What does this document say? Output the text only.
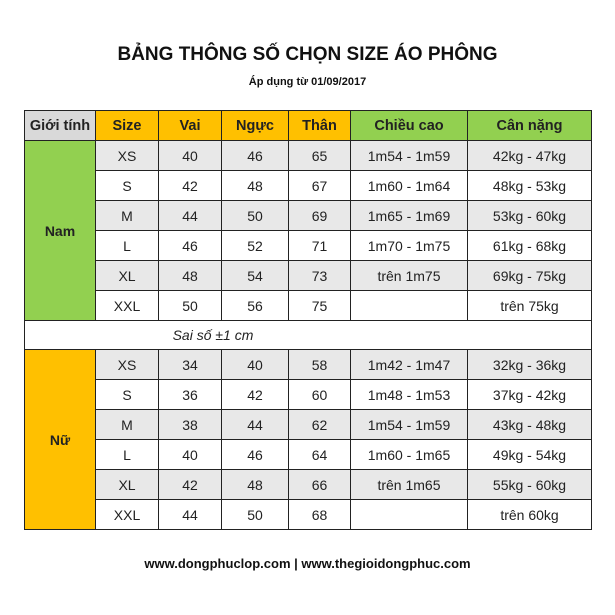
BẢNG THÔNG SỐ CHỌN SIZE ÁO PHÔNG
Áp dụng từ 01/09/2017
Giới tính	Size	Vai	Ngực	Thân	Chiều cao	Cân nặng
Nam	XS	40	46	65	1m54 - 1m59	42kg - 47kg
	S	42	48	67	1m60 - 1m64	48kg - 53kg
	M	44	50	69	1m65 - 1m69	53kg - 60kg
	L	46	52	71	1m70 - 1m75	61kg - 68kg
	XL	48	54	73	trên 1m75	69kg - 75kg
	XXL	50	56	75		trên 75kg
Sai số ±1 cm						
Nữ	XS	34	40	58	1m42 - 1m47	32kg - 36kg
	S	36	42	60	1m48 - 1m53	37kg - 42kg
	M	38	44	62	1m54 - 1m59	43kg - 48kg
	L	40	46	64	1m60 - 1m65	49kg - 54kg
	XL	42	48	66	trên 1m65	55kg - 60kg
	XXL	44	50	68		trên 60kg
www.dongphuclop.com | www.thegioidongphuc.com
